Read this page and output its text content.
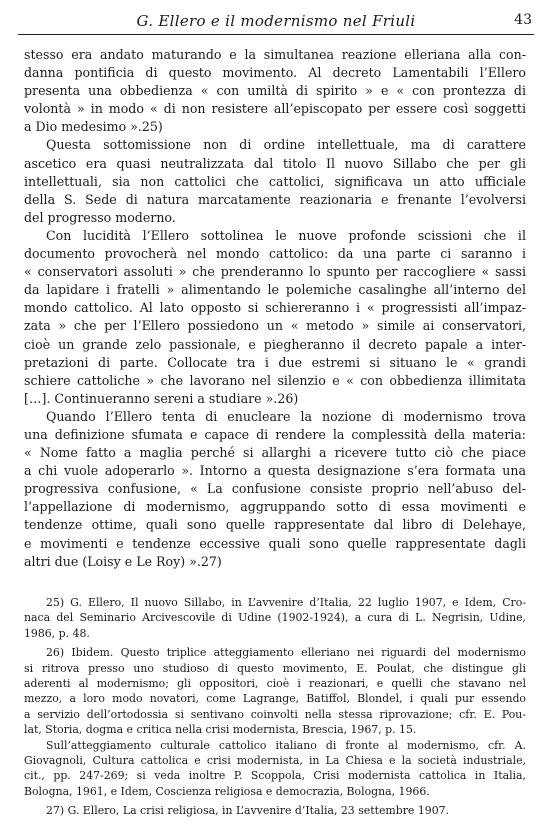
G. Ellero e il modernismo nel Friuli	43
stesso era andato maturando e la simultanea reazione elleriana alla con-
danna pontificia di questo movimento. Al decreto Lamentabili l’Ellero
presenta una obbedienza « con umiltà di spirito » e « con prontezza di
volontà » in modo « di non resistere all’episcopato per essere così soggetti
a Dio medesimo ».25)
Questa sottomissione non di ordine intellettuale, ma di carattere
ascetico era quasi neutralizzata dal titolo Il nuovo Sillabo che per gli
intellettuali, sia non cattolici che cattolici, significava un atto ufficiale
della S. Sede di natura marcatamente reazionaria e frenante l’evolversi
del progresso moderno.
Con lucidità l’Ellero sottolinea le nuove profonde scissioni che il
documento provocherà nel mondo cattolico: da una parte ci saranno i
« conservatori assoluti » che prenderanno lo spunto per raccogliere « sassi
da lapidare i fratelli » alimentando le polemiche casalinghe all’interno del
mondo cattolico. Al lato opposto si schiereranno i « progressisti all’impaz-
zata » che per l’Ellero possiedono un « metodo » simile ai conservatori,
cioè un grande zelo passionale, e piegheranno il decreto papale a inter-
pretazioni di parte. Collocate tra i due estremi si situano le « grandi
schiere cattoliche » che lavorano nel silenzio e « con obbedienza illimitata
[…]. Continueranno sereni a studiare ».26)
Quando l’Ellero tenta di enucleare la nozione di modernismo trova
una definizione sfumata e capace di rendere la complessità della materia:
« Nome fatto a maglia perché si allarghi a ricevere tutto ciò che piace
a chi vuole adoperarlo ». Intorno a questa designazione s’era formata una
progressiva confusione, « La confusione consiste proprio nell’abuso del-
l’appellazione di modernismo, aggruppando sotto di essa movimenti e
tendenze ottime, quali sono quelle rappresentate dal libro di Delehaye,
e movimenti e tendenze eccessive quali sono quelle rappresentate dagli
altri due (Loisy e Le Roy) ».27)
25) G. Ellero, Il nuovo Sillabo, in L’avvenire d’Italia, 22 luglio 1907, e Idem, Cro-
naca del Seminario Arcivescovile di Udine (1902-1924), a cura di L. Negrisin, Udine,
1986, p. 48.
26) Ibidem. Questo triplice atteggiamento elleriano nei riguardi del modernismo
si ritrova presso uno studioso di questo movimento, E. Poulat, che distingue gli
aderenti al modernismo; gli oppositori, cioè i reazionari, e quelli che stavano nel
mezzo, a loro modo novatori, come Lagrange, Batiffol, Blondel, i quali pur essendo
a servizio dell’ortodossia si sentivano coinvolti nella stessa riprovazione; cfr. E. Pou-
lat, Storia, dogma e critica nella crisi modernista, Brescia, 1967, p. 15.
Sull’atteggiamento culturale cattolico italiano di fronte al modernismo, cfr. A.
Giovagnoli, Cultura cattolica e crisi modernista, in La Chiesa e la società industriale,
cit., pp. 247-269; si veda inoltre P. Scoppola, Crisi modernista cattolica in Italia,
Bologna, 1961, e Idem, Coscienza religiosa e democrazia, Bologna, 1966.
27) G. Ellero, La crisi religiosa, in L’avvenire d’Italia, 23 settembre 1907.
